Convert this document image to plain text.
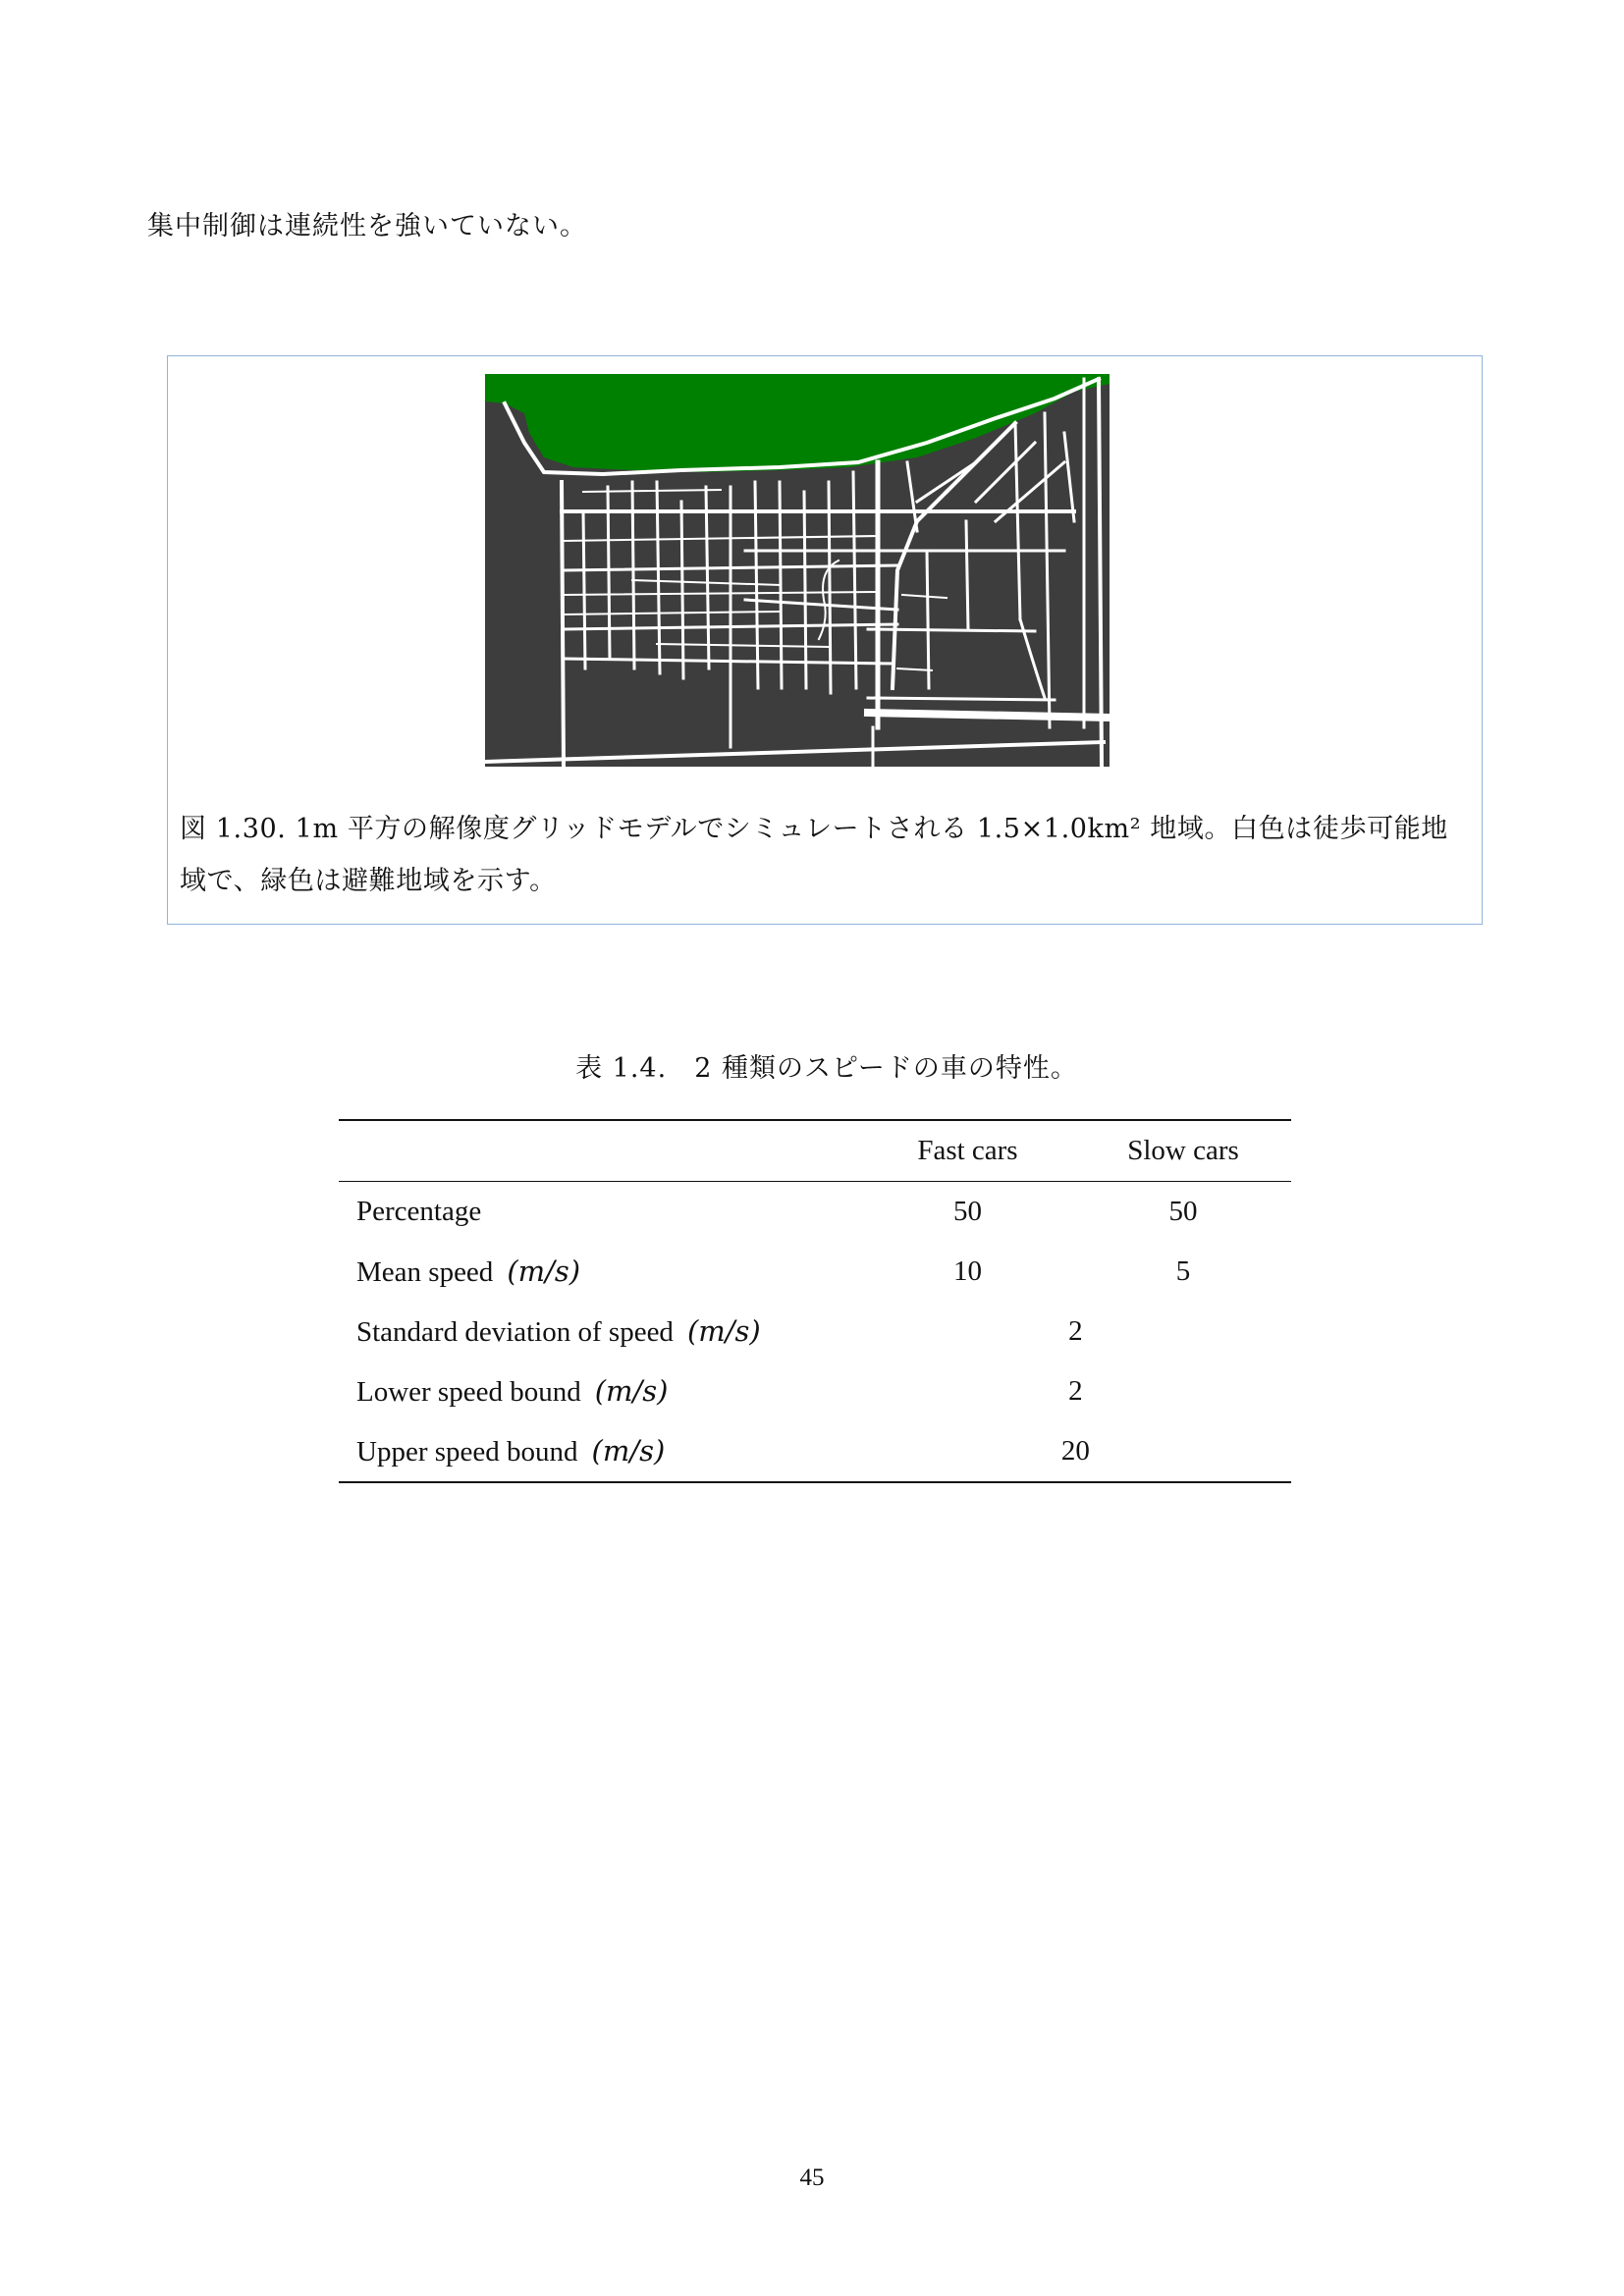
集中制御は連続性を強いていない。
図 1.30. 1m 平方の解像度グリッドモデルでシミュレートされる 1.5×1.0km² 地域。白色は徒歩可能地域で、緑色は避難地域を示す。
表 1.4.　2 種類のスピードの車の特性。
	Fast cars	Slow cars
Percentage	50	50
Mean speed (m/s)	10	5
Standard deviation of speed (m/s)	2	
Lower speed bound (m/s)	2	
Upper speed bound (m/s)	20	
45
